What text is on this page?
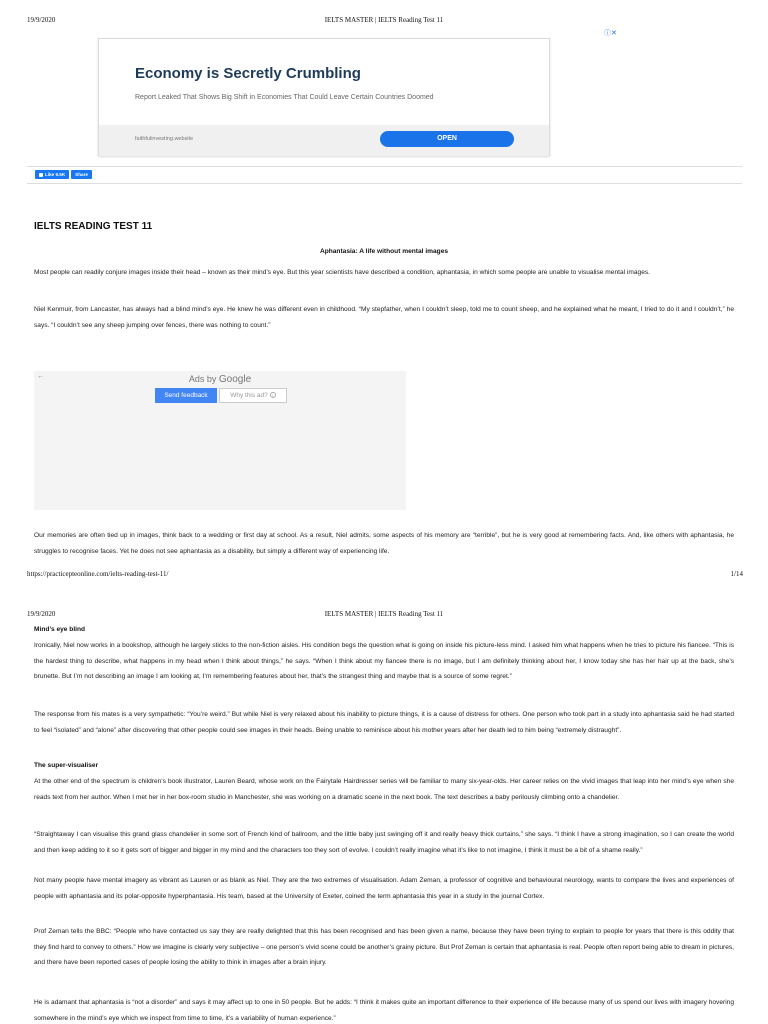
19/9/2020	IELTS MASTER | IELTS Reading Test 11
ⓘ✕
Economy is Secretly Crumbling
Report Leaked That Shows Big Shift in Economies That Could Leave Certain Countries Doomed
faithfulinvesting.website	OPEN
Like 9.5K	Share
IELTS READING TEST 11
Aphantasia: A life without mental images

Most people can readily conjure images inside their head – known as their mind’s eye. But this year scientists have described a condition, aphantasia, in which some people are unable to visualise mental images.

Niel Kenmuir, from Lancaster, has always had a blind mind’s eye. He knew he was different even in childhood. “My stepfather, when I couldn’t sleep, told me to count sheep, and he explained what he meant, I tried to do it and I couldn’t,” he says. “I couldn’t see any sheep jumping over fences, there was nothing to count.”

←	Ads by Google
Send feedback	Why this ad? i

Our memories are often tied up in images, think back to a wedding or first day at school. As a result, Niel admits, some aspects of his memory are “terrible”, but he is very good at remembering facts. And, like others with aphantasia, he struggles to recognise faces. Yet he does not see aphantasia as a disability, but simply a different way of experiencing life.

https://practicepteonline.com/ielts-reading-test-11/	1/14
19/9/2020	IELTS MASTER | IELTS Reading Test 11
Mind’s eye blind

Ironically, Niel now works in a bookshop, although he largely sticks to the non-fiction aisles. His condition begs the question what is going on inside his picture-less mind. I asked him what happens when he tries to picture his fiancee. “This is the hardest thing to describe, what happens in my head when I think about things,” he says. “When I think about my fiancee there is no image, but I am definitely thinking about her, I know today she has her hair up at the back, she’s brunette. But I’m not describing an image I am looking at, I’m remembering features about her, that’s the strangest thing and maybe that is a source of some regret.”

The response from his mates is a very sympathetic: “You’re weird.” But while Niel is very relaxed about his inability to picture things, it is a cause of distress for others. One person who took part in a study into aphantasia said he had started to feel “isolated” and “alone” after discovering that other people could see images in their heads. Being unable to reminisce about his mother years after her death led to him being “extremely distraught”.

The super-visualiser

At the other end of the spectrum is children’s book illustrator, Lauren Beard, whose work on the Fairytale Hairdresser series will be familiar to many six-year-olds. Her career relies on the vivid images that leap into her mind’s eye when she reads text from her author. When I met her in her box-room studio in Manchester, she was working on a dramatic scene in the next book. The text describes a baby perilously climbing onto a chandelier.

“Straightaway I can visualise this grand glass chandelier in some sort of French kind of ballroom, and the little baby just swinging off it and really heavy thick curtains,” she says. “I think I have a strong imagination, so I can create the world and then keep adding to it so it gets sort of bigger and bigger in my mind and the characters too they sort of evolve. I couldn’t really imagine what it’s like to not imagine, I think it must be a bit of a shame really.”

Not many people have mental imagery as vibrant as Lauren or as blank as Niel. They are the two extremes of visualisation. Adam Zeman, a professor of cognitive and behavioural neurology, wants to compare the lives and experiences of people with aphantasia and its polar-opposite hyperphantasia. His team, based at the University of Exeter, coined the term aphantasia this year in a study in the journal Cortex.

Prof Zeman tells the BBC: “People who have contacted us say they are really delighted that this has been recognised and has been given a name, because they have been trying to explain to people for years that there is this oddity that they find hard to convey to others.” How we imagine is clearly very subjective – one person’s vivid scene could be another’s grainy picture. But Prof Zeman is certain that aphantasia is real. People often report being able to dream in pictures, and there have been reported cases of people losing the ability to think in images after a brain injury.

He is adamant that aphantasia is “not a disorder” and says it may affect up to one in 50 people. But he adds: “I think it makes quite an important difference to their experience of life because many of us spend our lives with imagery hovering somewhere in the mind’s eye which we inspect from time to time, it’s a variability of human experience.”
